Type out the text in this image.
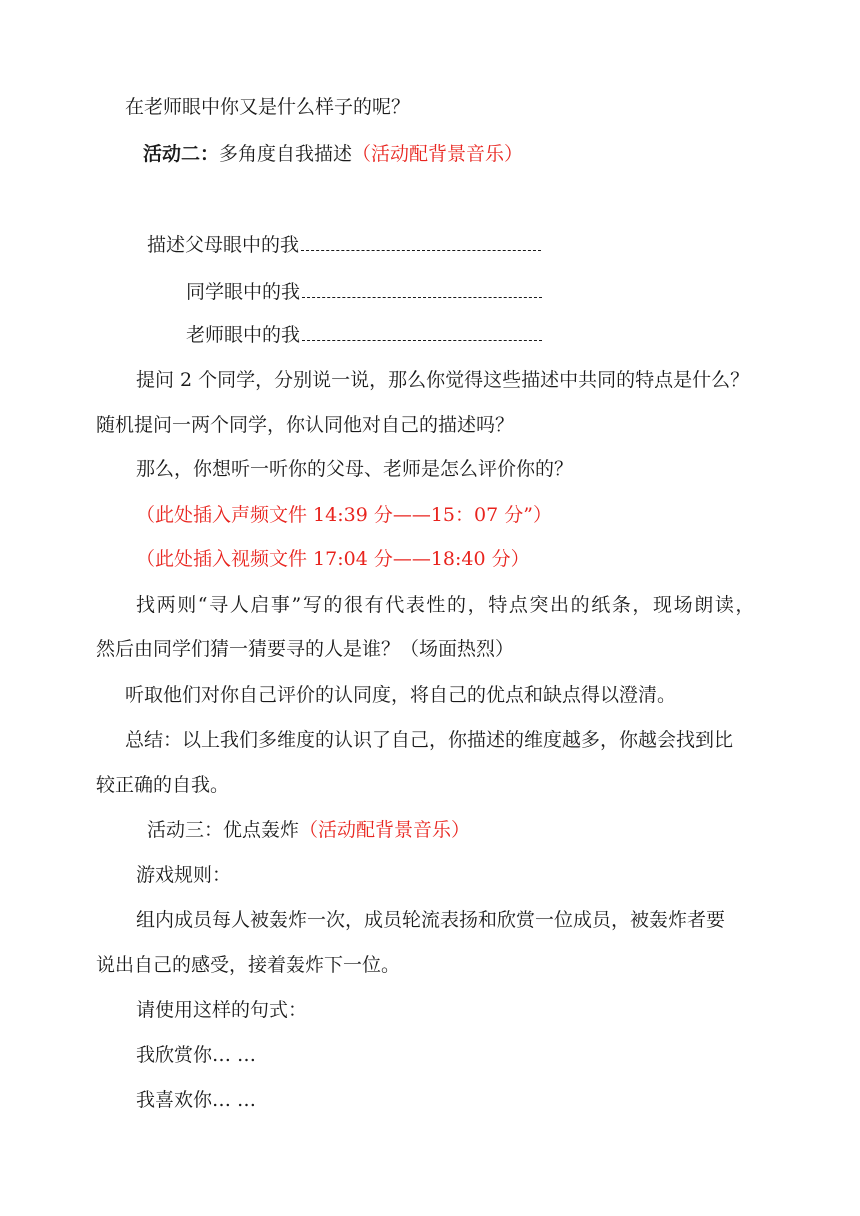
在老师眼中你又是什么样子的呢？
活动二：多角度自我描述（活动配背景音乐）
描述父母眼中的我
同学眼中的我
老师眼中的我
提问 2 个同学，分别说一说，那么你觉得这些描述中共同的特点是什么？
随机提问一两个同学，你认同他对自己的描述吗？
那么，你想听一听你的父母、老师是怎么评价你的？
（此处插入声频文件 14:39 分——15：07 分”）
（此处插入视频文件 17:04 分——18:40 分）
找两则“寻人启事”写的很有代表性的，特点突出的纸条，现场朗读，
然后由同学们猜一猜要寻的人是谁？（场面热烈）
听取他们对你自己评价的认同度，将自己的优点和缺点得以澄清。
总结：以上我们多维度的认识了自己，你描述的维度越多，你越会找到比
较正确的自我。
活动三：优点轰炸（活动配背景音乐）
游戏规则：
组内成员每人被轰炸一次，成员轮流表扬和欣赏一位成员，被轰炸者要
说出自己的感受，接着轰炸下一位。
请使用这样的句式：
我欣赏你… …
我喜欢你… …
